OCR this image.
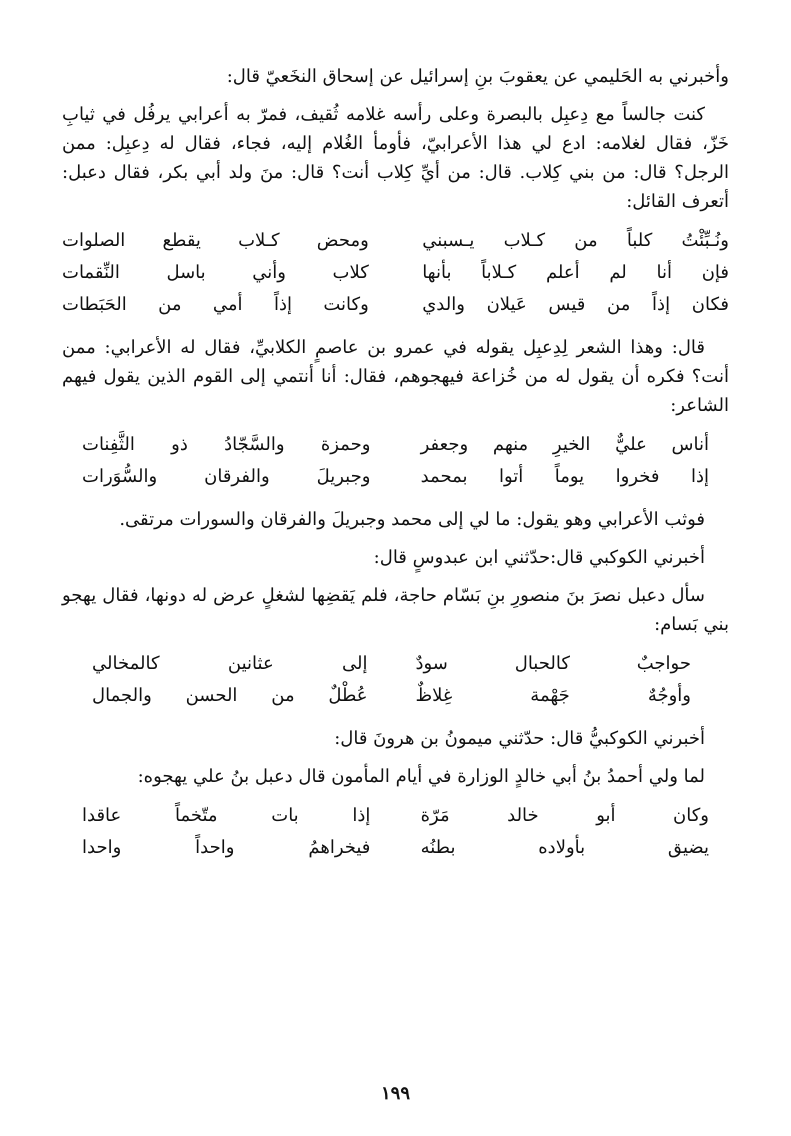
وأخبرني به الحَليمي عن يعقوبَ بنِ إسرائيل عن إسحاق النخَعيّ قال:

كنت جالساً مع دِعبِل بالبصرة وعلى رأسه غلامه ثُقيف، فمرّ به أعرابي يرفُل في ثيابِ خَزّ، فقال لغلامه: ادع لي هذا الأعرابيّ، فأومأ الغُلام إليه، فجاء، فقال له دِعبِل: ممن الرجل؟ قال: من بني كِلاب. قال: من أيِّ كِلاب أنت؟ قال: منَ ولد أبي بكر، فقال دعبل: أتعرف القائل:

ونُـبِّئْتُ كلباً من كـلاب يـسبني
ومحض كـلاب يقطع الصلوات
فإن أنا لم أعلم كـلاباً بأنها
كلاب وأني باسل النِّقمات
فكان إذاً من قيس عَيلان والدي
وكانت إذاً أمي من الحَبَطات

قال: وهذا الشعر لِدِعبِل يقوله في عمرو بن عاصمٍ الكلابيِّ، فقال له الأعرابي: ممن أنت؟ فكره أن يقول له من خُزاعة فيهجوهم، فقال: أنا أنتمي إلى القوم الذين يقول فيهم الشاعر:

أناس عليٌّ الخيرِ منهم وجعفر
وحمزة والسَّجّادُ ذو الثَّفِنات
إذا فخروا يوماً أتوا بمحمد
وجبريلَ والفرقان والسُّوَرات

فوثب الأعرابي وهو يقول: ما لي إلى محمد وجبريلَ والفرقان والسورات مرتقى.

أخبرني الكوكبي قال:حدّثني ابن عبدوسٍ قال:

سأل دعبل نصرَ بنَ منصورِ بنِ بَسّام حاجة، فلم يَقضِها لشغلٍ عرض له دونها، فقال يهجو بني بَسام:

حواجبٌ كالحبال سودٌ
إلى عثانين كالمخالي
وأوجُهٌ جَهْمة غِلاظٌ
عُطْلٌ من الحسن والجمال

أخبرني الكوكبيُّ قال: حدّثني ميمونُ بن هرونَ قال:

لما ولي أحمدُ بنُ أبي خالدٍ الوزارة في أيام المأمون قال دعبل بنُ علي يهجوه:

وكان أبو خالد مَرّة
إذا بات متّخماً عاقدا
يضيق بأولاده بطنُه
فيخراهمُ واحداً واحدا
١٩٩
